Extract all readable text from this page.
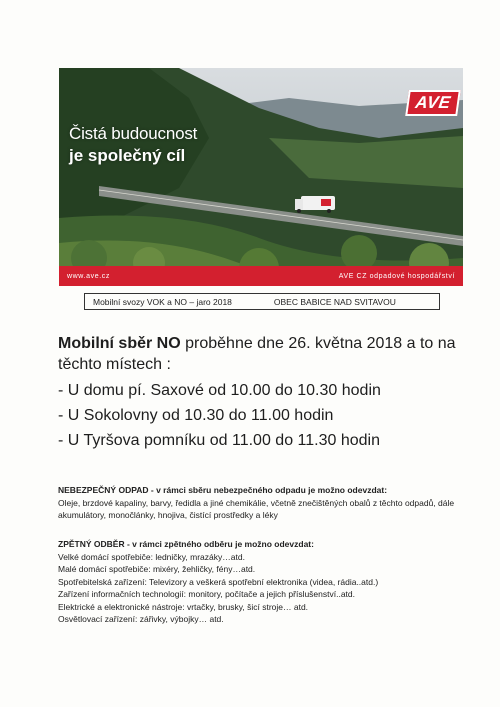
AVE
Čistá budoucnost
je společný cíl
www.ave.cz	AVE CZ odpadové hospodářství
Mobilní svozy VOK a NO – jaro 2018	OBEC BABICE NAD SVITAVOU
Mobilní sběr NO proběhne dne 26. května 2018 a to na těchto místech :
- U domu pí. Saxové od 10.00 do 10.30 hodin
- U Sokolovny od 10.30 do 11.00 hodin
- U Tyršova pomníku od 11.00 do 11.30 hodin
NEBEZPEČNÝ ODPAD - v rámci sběru nebezpečného odpadu je možno odevzdat:
Oleje, brzdové kapaliny, barvy, ředidla a jiné chemikálie, včetně znečištěných obalů z těchto odpadů, dále akumulátory, monočlánky, hnojiva, čistící prostředky a léky
ZPĚTNÝ ODBĚR - v rámci zpětného odběru je možno odevzdat:
Velké domácí spotřebiče: ledničky, mrazáky…atd.
Malé domácí spotřebiče: mixéry, žehličky, fény…atd.
Spotřebitelská zařízení: Televizory a veškerá spotřební elektronika (videa, rádia..atd.)
Zařízení informačních technologií: monitory, počítače a jejich příslušenství..atd.
Elektrické a elektronické nástroje: vrtačky, brusky, šicí stroje… atd.
Osvětlovací zařízení: zářivky, výbojky… atd.
